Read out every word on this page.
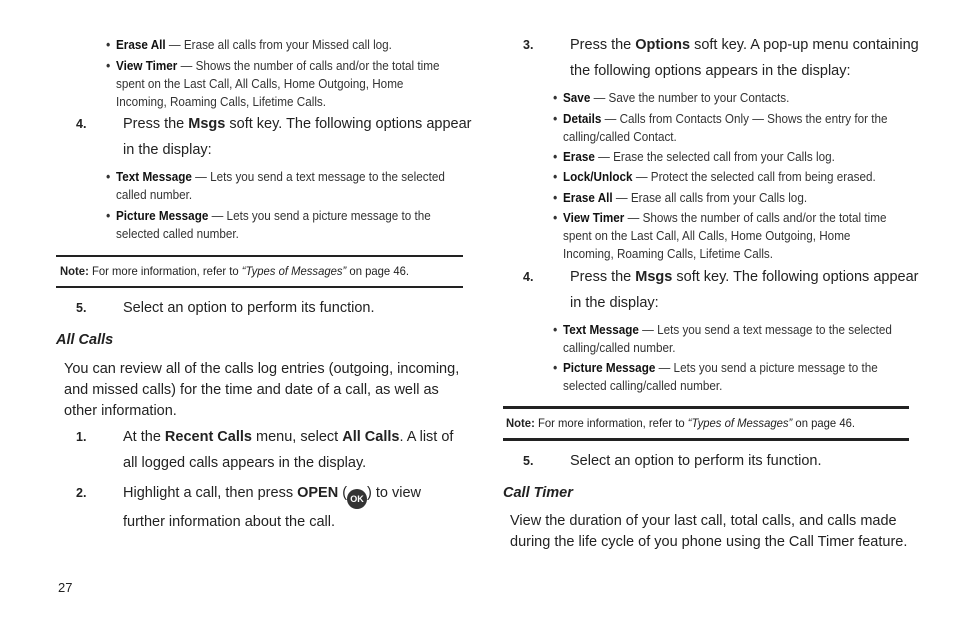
• Erase All — Erase all calls from your Missed call log.
• View Timer — Shows the number of calls and/or the total time spent on the Last Call, All Calls, Home Outgoing, Home Incoming, Roaming Calls, Lifetime Calls.
4.	Press the Msgs soft key. The following options appear in the display:
• Text Message — Lets you send a text message to the selected called number.
• Picture Message — Lets you send a picture message to the selected called number.
Note: For more information, refer to “Types of Messages” on page 46.
5.	Select an option to perform its function.
All Calls
You can review all of the calls log entries (outgoing, incoming, and missed calls) for the time and date of a call, as well as other information.
1.	At the Recent Calls menu, select All Calls. A list of all logged calls appears in the display.
2.	Highlight a call, then press OPEN ( OK ) to view further information about the call.
3.	Press the Options soft key. A pop-up menu containing the following options appears in the display:
• Save — Save the number to your Contacts.
• Details — Calls from Contacts Only — Shows the entry for the calling/called Contact.
• Erase — Erase the selected call from your Calls log.
• Lock/Unlock — Protect the selected call from being erased.
• Erase All — Erase all calls from your Calls log.
• View Timer — Shows the number of calls and/or the total time spent on the Last Call, All Calls, Home Outgoing, Home Incoming, Roaming Calls, Lifetime Calls.
4.	Press the Msgs soft key. The following options appear in the display:
• Text Message — Lets you send a text message to the selected calling/called number.
• Picture Message — Lets you send a picture message to the selected calling/called number.
Note: For more information, refer to “Types of Messages” on page 46.
5.	Select an option to perform its function.
Call Timer
View the duration of your last call, total calls, and calls made during the life cycle of you phone using the Call Timer feature.
27
